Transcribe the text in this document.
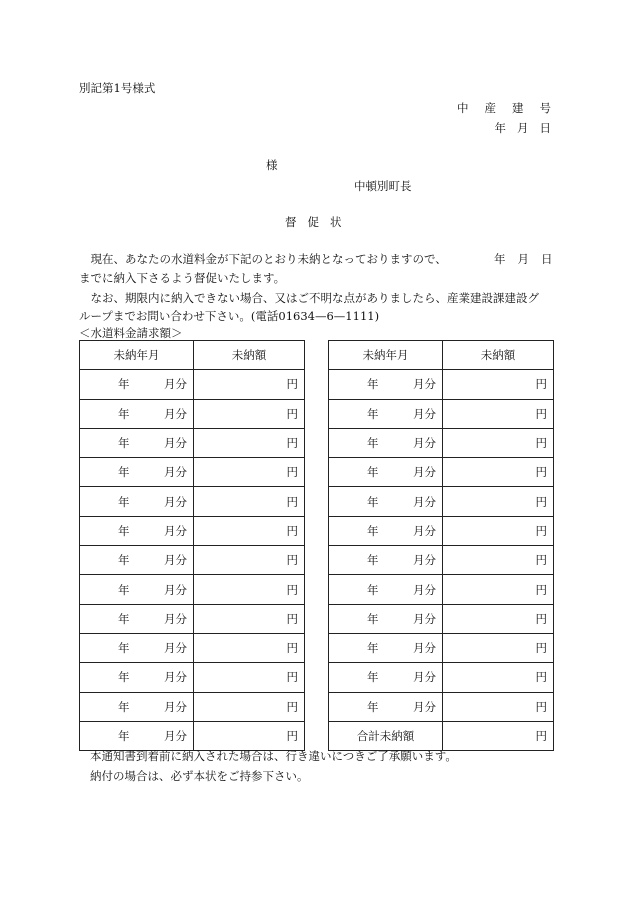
別記第1号様式
中産建号
年月日
様
中頓別町長
督促状
　現在、あなたの水道料金が下記のとおり未納となっておりますので、	年月日
までに納入下さるよう督促いたします。
　なお、期限内に納入できない場合、又はご不明な点がありましたら、産業建設課建設グ
ループまでお問い合わせ下さい。(電話01634—6—1111)
＜水道料金請求額＞
未納年月	未納額

年 月分	円

年 月分	円

年 月分	円

年 月分	円

年 月分	円

年 月分	円

年 月分	円

年 月分	円

年 月分	円

年 月分	円

年 月分	円

年 月分	円

年 月分	円
未納年月	未納額

年 月分	円

年 月分	円

年 月分	円

年 月分	円

年 月分	円

年 月分	円

年 月分	円

年 月分	円

年 月分	円

年 月分	円

年 月分	円

年 月分	円
合計未納額	円
本通知書到着前に納入された場合は、行き違いにつきご了承願います。
納付の場合は、必ず本状をご持参下さい。
